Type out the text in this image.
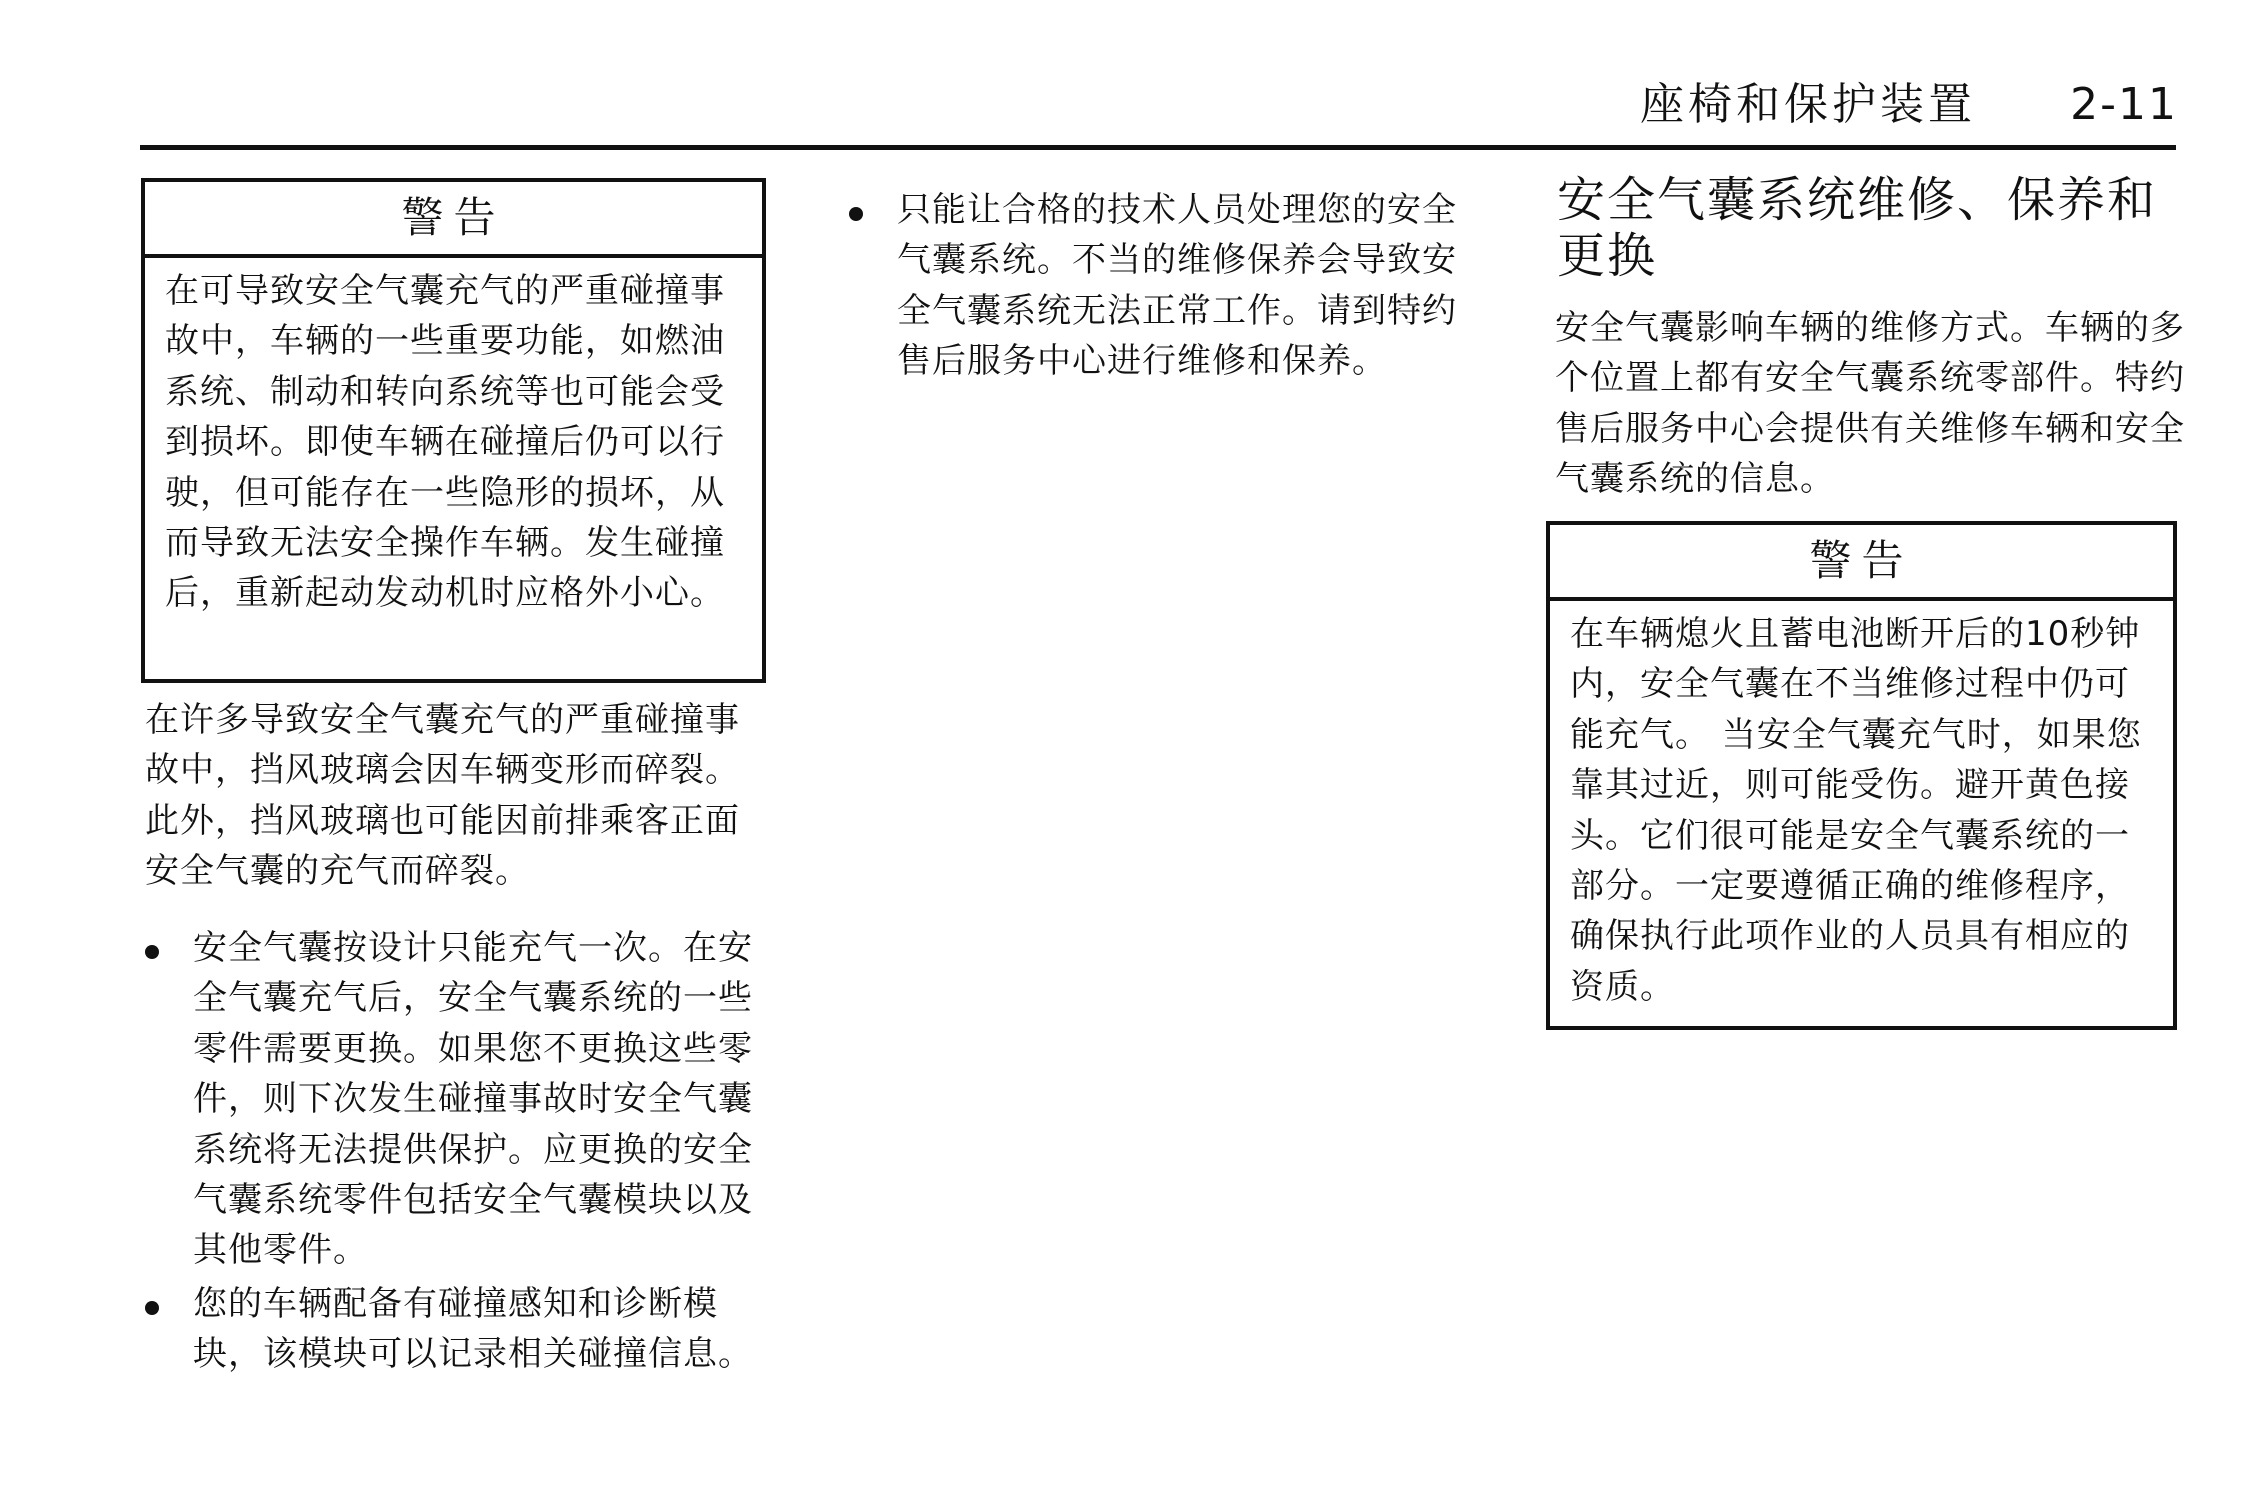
座椅和保护装置	2-11
警告
在可导致安全气囊充气的严重碰撞事故中，车辆的一些重要功能，如燃油系统、制动和转向系统等也可能会受到损坏。即使车辆在碰撞后仍可以行驶，但可能存在一些隐形的损坏，从而导致无法安全操作车辆。发生碰撞后，重新起动发动机时应格外小心。
在许多导致安全气囊充气的严重碰撞事故中，挡风玻璃会因车辆变形而碎裂。此外，挡风玻璃也可能因前排乘客正面安全气囊的充气而碎裂。
安全气囊按设计只能充气一次。在安全气囊充气后，安全气囊系统的一些零件需要更换。如果您不更换这些零件，则下次发生碰撞事故时安全气囊系统将无法提供保护。应更换的安全气囊系统零件包括安全气囊模块以及其他零件。
您的车辆配备有碰撞感知和诊断模块，该模块可以记录相关碰撞信息。
只能让合格的技术人员处理您的安全气囊系统。不当的维修保养会导致安全气囊系统无法正常工作。请到特约售后服务中心进行维修和保养。
安全气囊系统维修、保养和更换
安全气囊影响车辆的维修方式。车辆的多个位置上都有安全气囊系统零部件。特约售后服务中心会提供有关维修车辆和安全气囊系统的信息。
警告
在车辆熄火且蓄电池断开后的10秒钟内，安全气囊在不当维修过程中仍可能充气。 当安全气囊充气时，如果您靠其过近，则可能受伤。避开黄色接头。它们很可能是安全气囊系统的一部分。一定要遵循正确的维修程序，确保执行此项作业的人员具有相应的资质。
